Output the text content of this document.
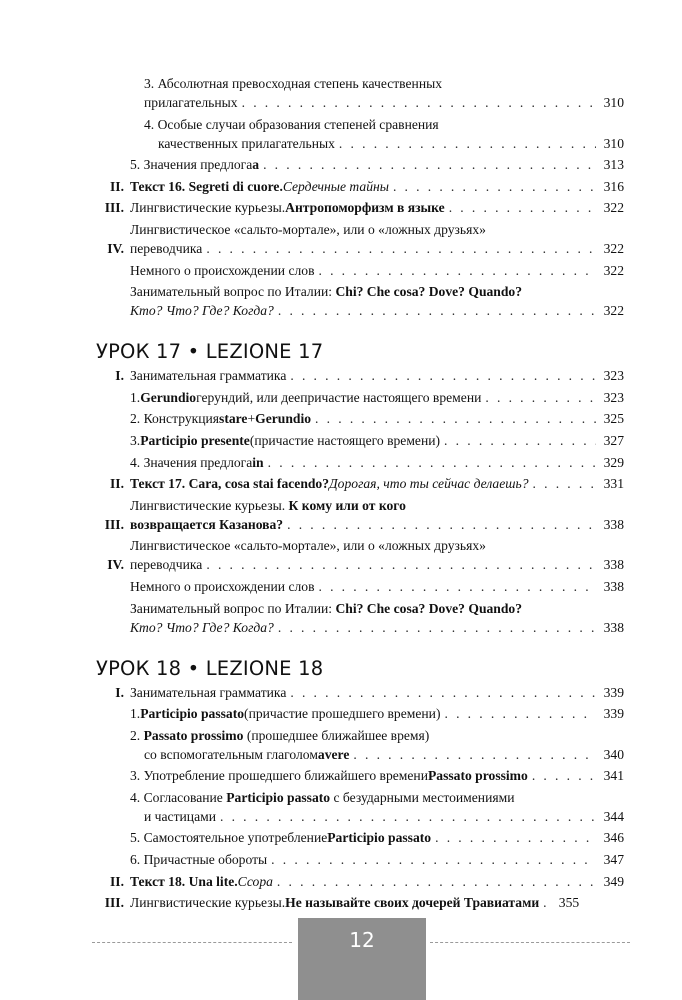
3. Абсолютная превосходная степень качественных
прилагательных . . .	310
4. Особые случаи образования степеней сравнения
качественных прилагательных . . .	310
5. Значения предлога a . . .	313
II. Текст 16. Segreti di cuore. Сердечные тайны . . .	316
III. Лингвистические курьезы. Антропоморфизм в языке . . .	322
IV.
Лингвистическое «сальто-мортале», или о «ложных друзьях»
переводчика . . .	322
Немного о происхождении слов . . .	322
Занимательный вопрос по Италии: Chi? Che cosa? Dove? Quando?
Кто? Что? Где? Когда? . . .	322
УРОК 17 • LEZIONE 17
I. Занимательная грамматика . . .	323
1. Gerundio герундий, или деепричастие настоящего времени . . .	323
2. Конструкция stare + Gerundio . . .	325
3. Participio presente (причастие настоящего времени) . . .	327
4. Значения предлога in . . .	329
II. Текст 17. Cara, cosa stai facendo? Дорогая, что ты сейчас делаешь? . . .	331
III.
Лингвистические курьезы. К кому или от кого
возвращается Казанова? . . .	338
IV.
Лингвистическое «сальто-мортале», или о «ложных друзьях»
переводчика . . .	338
Немного о происхождении слов . . .	338
Занимательный вопрос по Италии: Chi? Che cosa? Dove? Quando?
Кто? Что? Где? Когда? . . .	338
УРОК 18 • LEZIONE 18
I. Занимательная грамматика . . .	339
1. Participio passato (причастие прошедшего времени) . . .	339
2. Passato prossimo (прошедшее ближайшее время)
со вспомогательным глаголом avere . . .	340
3. Употребление прошедшего ближайшего времени Passato prossimo . . .	341
4. Согласование Participio passato с безударными местоимениями
и частицами . . .	344
5. Самостоятельное употребление Participio passato . . .	346
6. Причастные обороты . . .	347
II. Текст 18. Una lite. Ссора . . .	349
III. Лингвистические курьезы. Не называйте своих дочерей Травиатами . . . 355
12
